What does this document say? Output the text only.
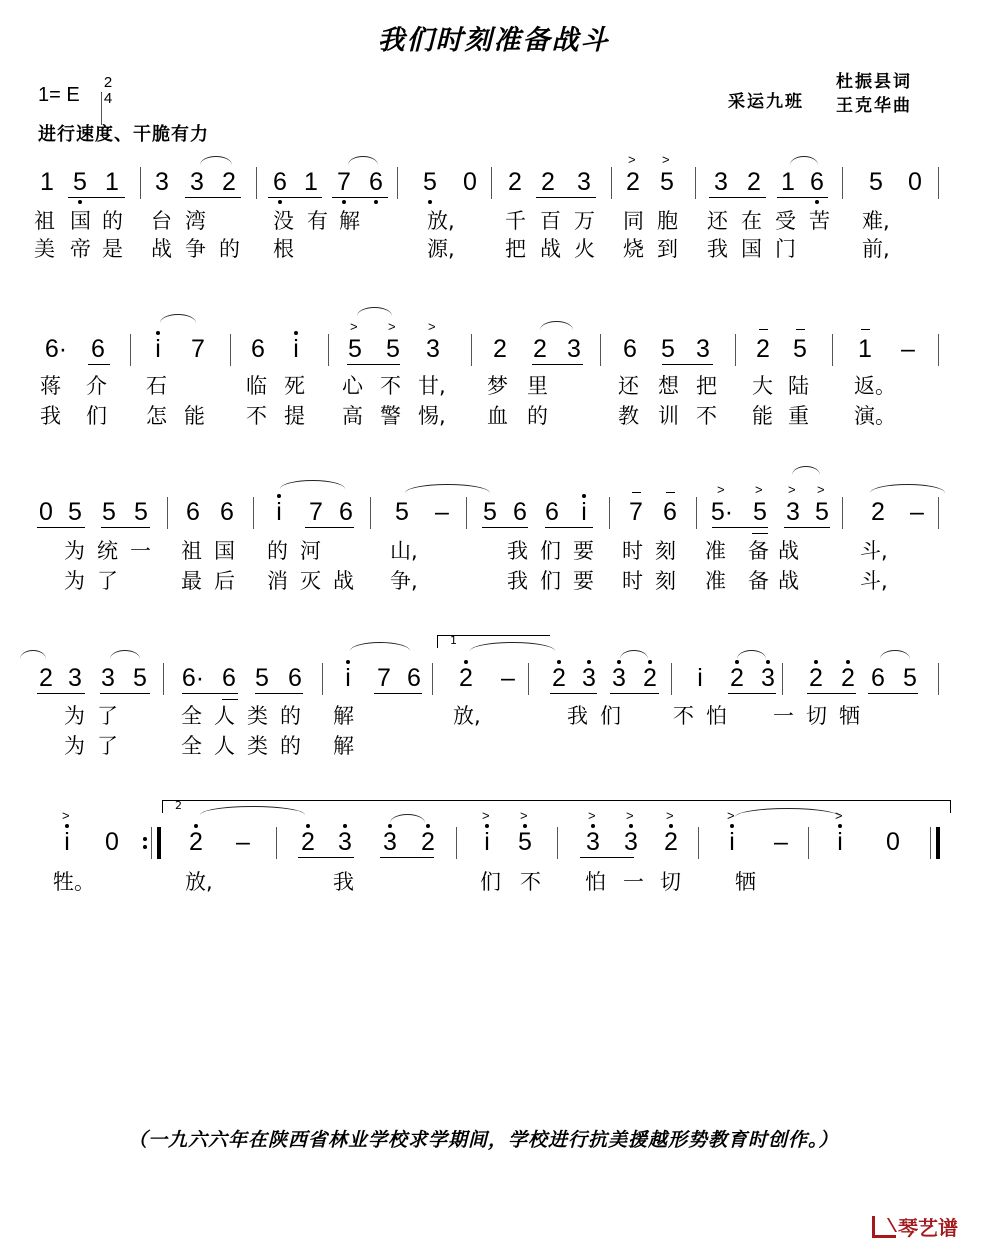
我们时刻准备战斗
1= E
2
4
进行速度、干脆有力
采运九班
杜振县词
王克华曲
1 5 1 3 3 2 6 1 7 6 5 0 2 2 3 2
>
5
>
3 2 1 6 5 0
祖 国 的 台 湾	没 有 解	放, 千 百 万 同 胞 还 在 受 苦 难,
美 帝 是 战 争 的 根	源, 把 战 火 烧 到 我 国 门	前,
6· 6	i	7 6	i	5
>
5
>
3
>
2 2 3 6 5 3 2 5 1 –
蒋 介 石	临 死 心 不 甘, 梦 里	还 想 把 大 陆 返。
我 们 怎 能 不 提 高 警 惕, 血 的	教 训 不 能 重 演。
0 5 5 5 6 6	i	7 6 5 – 5 6 6 i	7 6 5·
>
5
>
3
>
5
>
2 –
为 统 一 祖 国 的 河	山,	我 们 要 时 刻 准 备 战	斗,
为 了	最 后 消 灭 战 争,	我 们 要 时 刻 准 备 战	斗,
2 3 3 5 6· 6 5 6	i	7 6
1
2 – 2 3 3 2	i	2 3 2 2 6 5
为 了	全 人 类 的 解	放,	我 们 不 怕 一 切 牺
为 了	全 人 类 的 解
i
>
0
2
2 – 2 3 3 2	i
>
5
>
3
>
3
>
2
>
i
>
–	i
>
0
牲。	放,	我	们 不 怕 一 切	牺
（一九六六年在陕西省林业学校求学期间，学校进行抗美援越形势教育时创作。）
琴艺谱
